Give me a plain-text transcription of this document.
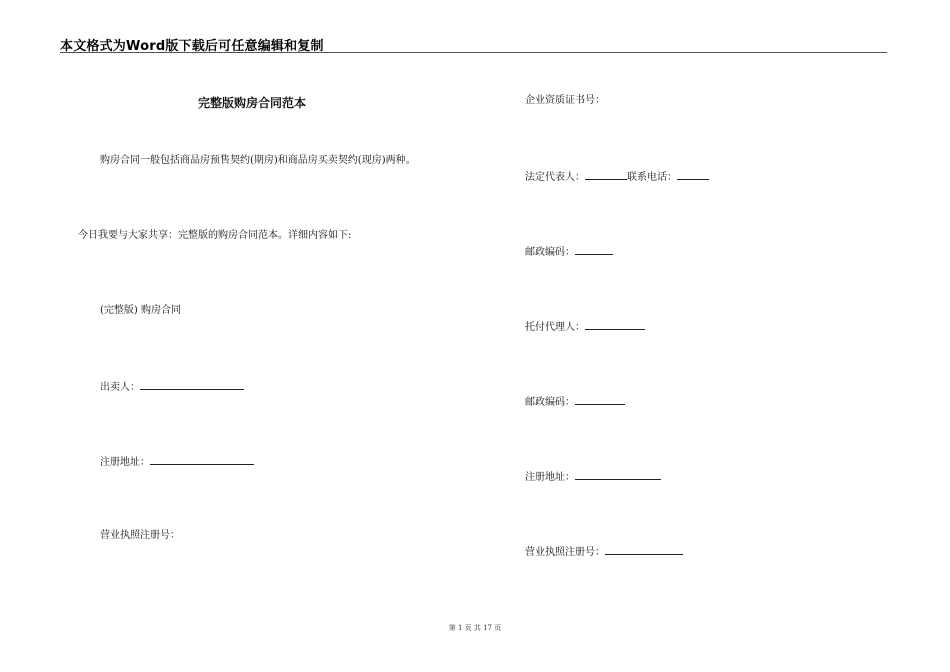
本文格式为Word版下载后可任意编辑和复制
完整版购房合同范本
购房合同一般包括商品房预售契约(期房)和商品房买卖契约(现房)两种。
今日我要与大家共享：完整版的购房合同范本。详细内容如下:
(完整版) 购房合同
出卖人：
注册地址：
营业执照注册号：
企业资质证书号：
法定代表人：	联系电话：
邮政编码：
托付代理人：
邮政编码：
注册地址：
营业执照注册号：
第 1 页 共 17 页
